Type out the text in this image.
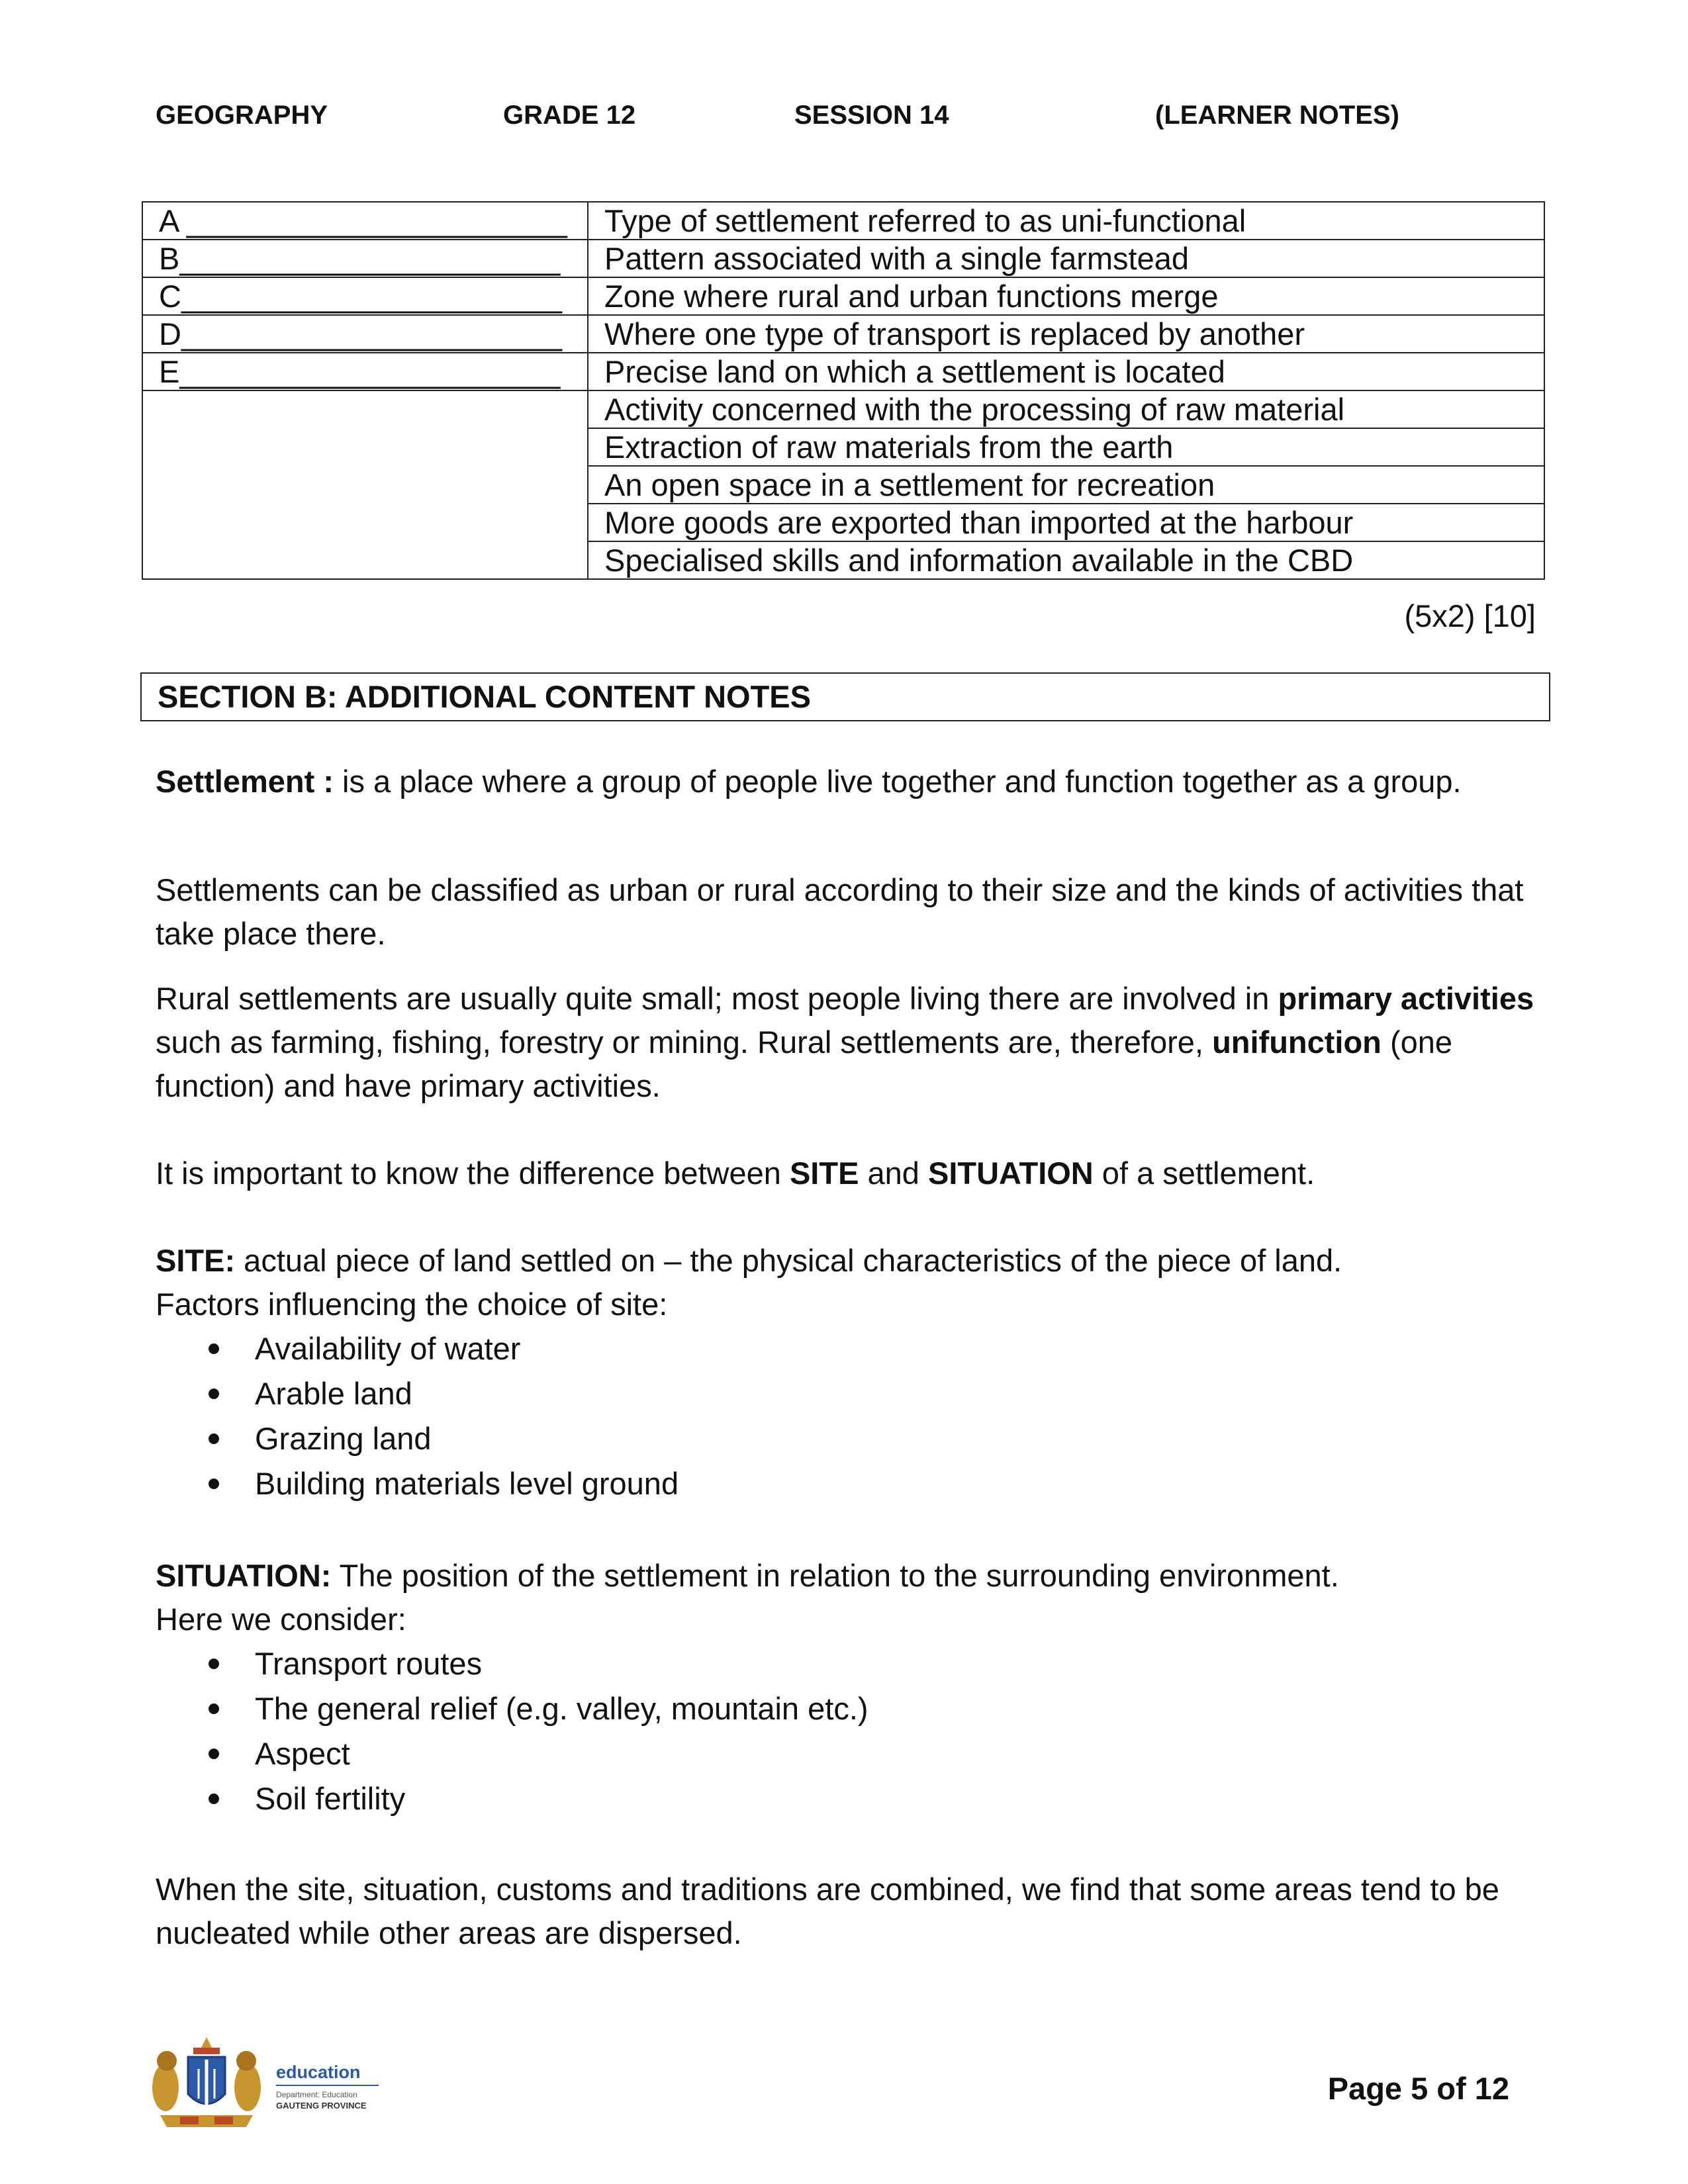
GEOGRAPHY	GRADE 12	SESSION 14	(LEARNER NOTES)
A ______________________	Type of settlement referred to as uni-functional
B______________________	Pattern associated with a single farmstead
C______________________	Zone where rural and urban functions merge
D______________________	Where one type of transport is replaced by another
E______________________	Precise land on which a settlement is located
	Activity concerned with the processing of raw material
	Extraction of raw materials from the earth
	An open space in a settlement for recreation
	More goods are exported than imported at the harbour
	Specialised skills and information available in the CBD
(5x2) [10]
SECTION B: ADDITIONAL CONTENT NOTES

Settlement : is a place where a group of people live together and function together as a group.

Settlements can be classified as urban or rural according to their size and the kinds of activities that take place there.

Rural settlements are usually quite small; most people living there are involved in primary activities such as farming, fishing, forestry or mining. Rural settlements are, therefore, unifunction (one function) and have primary activities.

It is important to know the difference between SITE and SITUATION of a settlement.

SITE: actual piece of land settled on – the physical characteristics of the piece of land.

Factors influencing the choice of site:

Availability of water
Arable land
Grazing land
Building materials level ground

SITUATION: The position of the settlement in relation to the surrounding environment.

Here we consider:

Transport routes
The general relief (e.g. valley, mountain etc.)
Aspect
Soil fertility

When the site, situation, customs and traditions are combined, we find that some areas tend to be nucleated while other areas are dispersed.

education
Department: Education
GAUTENG PROVINCE	Page 5 of 12
